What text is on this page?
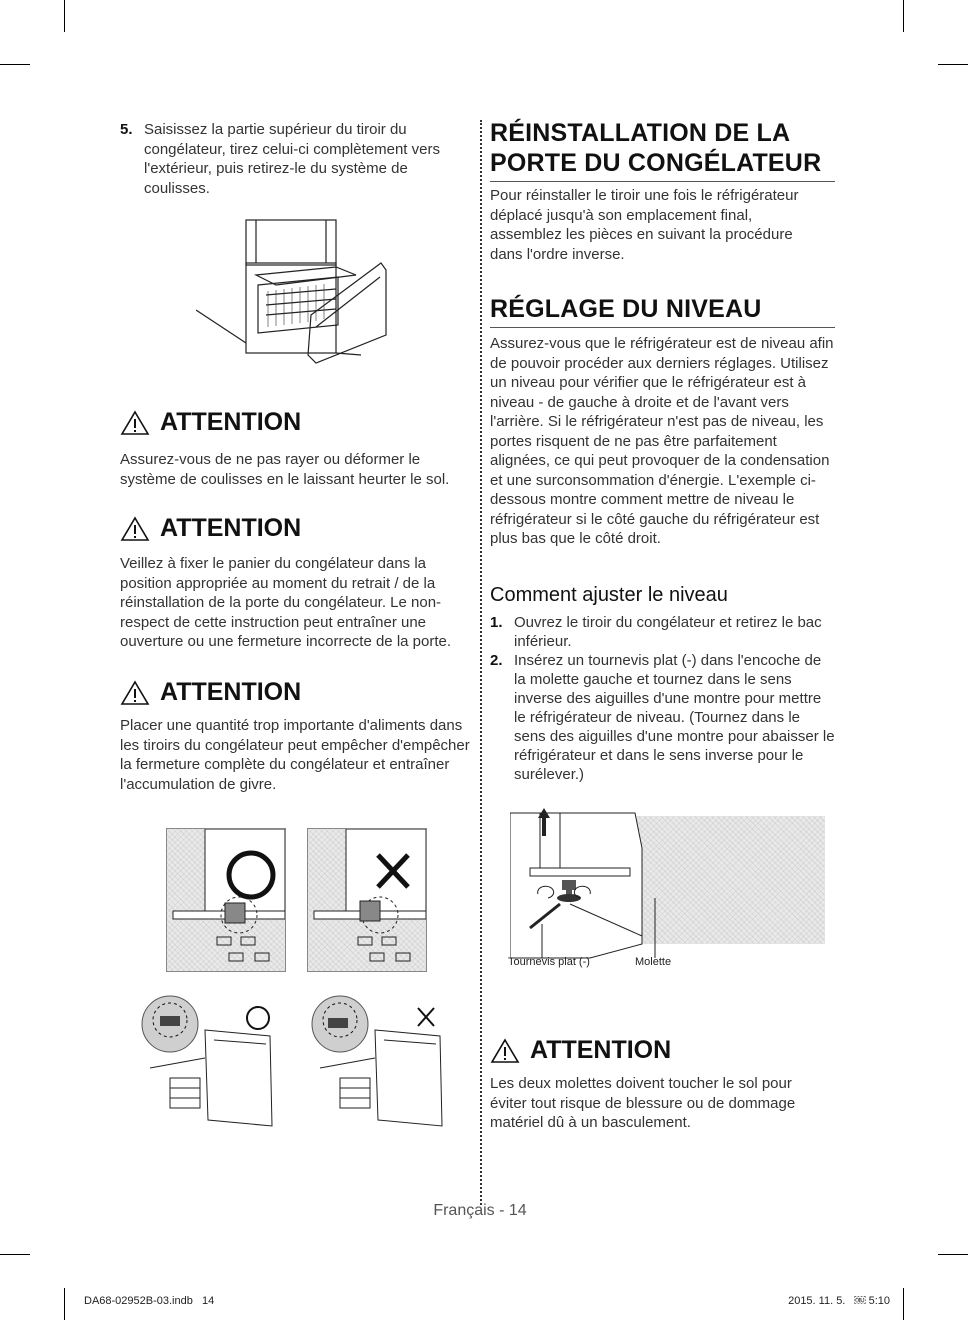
5. Saisissez la partie supérieur du tiroir du congélateur, tirez celui-ci complètement vers l'extérieur, puis retirez-le du système de coulisses.

ATTENTION

Assurez-vous de ne pas rayer ou déformer le système de coulisses en le laissant heurter le sol.

ATTENTION

Veillez à fixer le panier du congélateur dans la position appropriée au moment du retrait / de la réinstallation de la porte du congélateur. Le non-respect de cette instruction peut entraîner une ouverture ou une fermeture incorrecte de la porte.

ATTENTION

Placer une quantité trop importante d'aliments dans les tiroirs du congélateur peut empêcher d'empêcher la fermeture complète du congélateur et entraîner l'accumulation de givre.

RÉINSTALLATION DE LA

PORTE DU CONGÉLATEUR

Pour réinstaller le tiroir une fois le réfrigérateur déplacé jusqu'à son emplacement final, assemblez les pièces en suivant la procédure dans l'ordre inverse.

RÉGLAGE DU NIVEAU

Assurez-vous que le réfrigérateur est de niveau afin de pouvoir procéder aux derniers réglages. Utilisez un niveau pour vérifier que le réfrigérateur est à niveau - de gauche à droite et de l'avant vers l'arrière. Si le réfrigérateur n'est pas de niveau, les portes risquent de ne pas être parfaitement alignées, ce qui peut provoquer de la condensation et une surconsommation d'énergie. L'exemple ci-dessous montre comment mettre de niveau le réfrigérateur si le côté gauche du réfrigérateur est plus bas que le côté droit.

Comment ajuster le niveau

1. Ouvrez le tiroir du congélateur et retirez le bac inférieur.
2. Insérez un tournevis plat (-) dans l'encoche de la molette gauche et tournez dans le sens inverse des aiguilles d'une montre pour mettre le réfrigérateur de niveau. (Tournez dans le sens des aiguilles d'une montre pour abaisser le réfrigérateur et dans le sens inverse pour le surélever.)
Tournevis plat (-)	Molette
ATTENTION

Les deux molettes doivent toucher le sol pour éviter tout risque de blessure ou de dommage matériel dû à un basculement.

Français - 14

DA68-02952B-03.indb   14	2015. 11. 5.   ￼ 5:10
